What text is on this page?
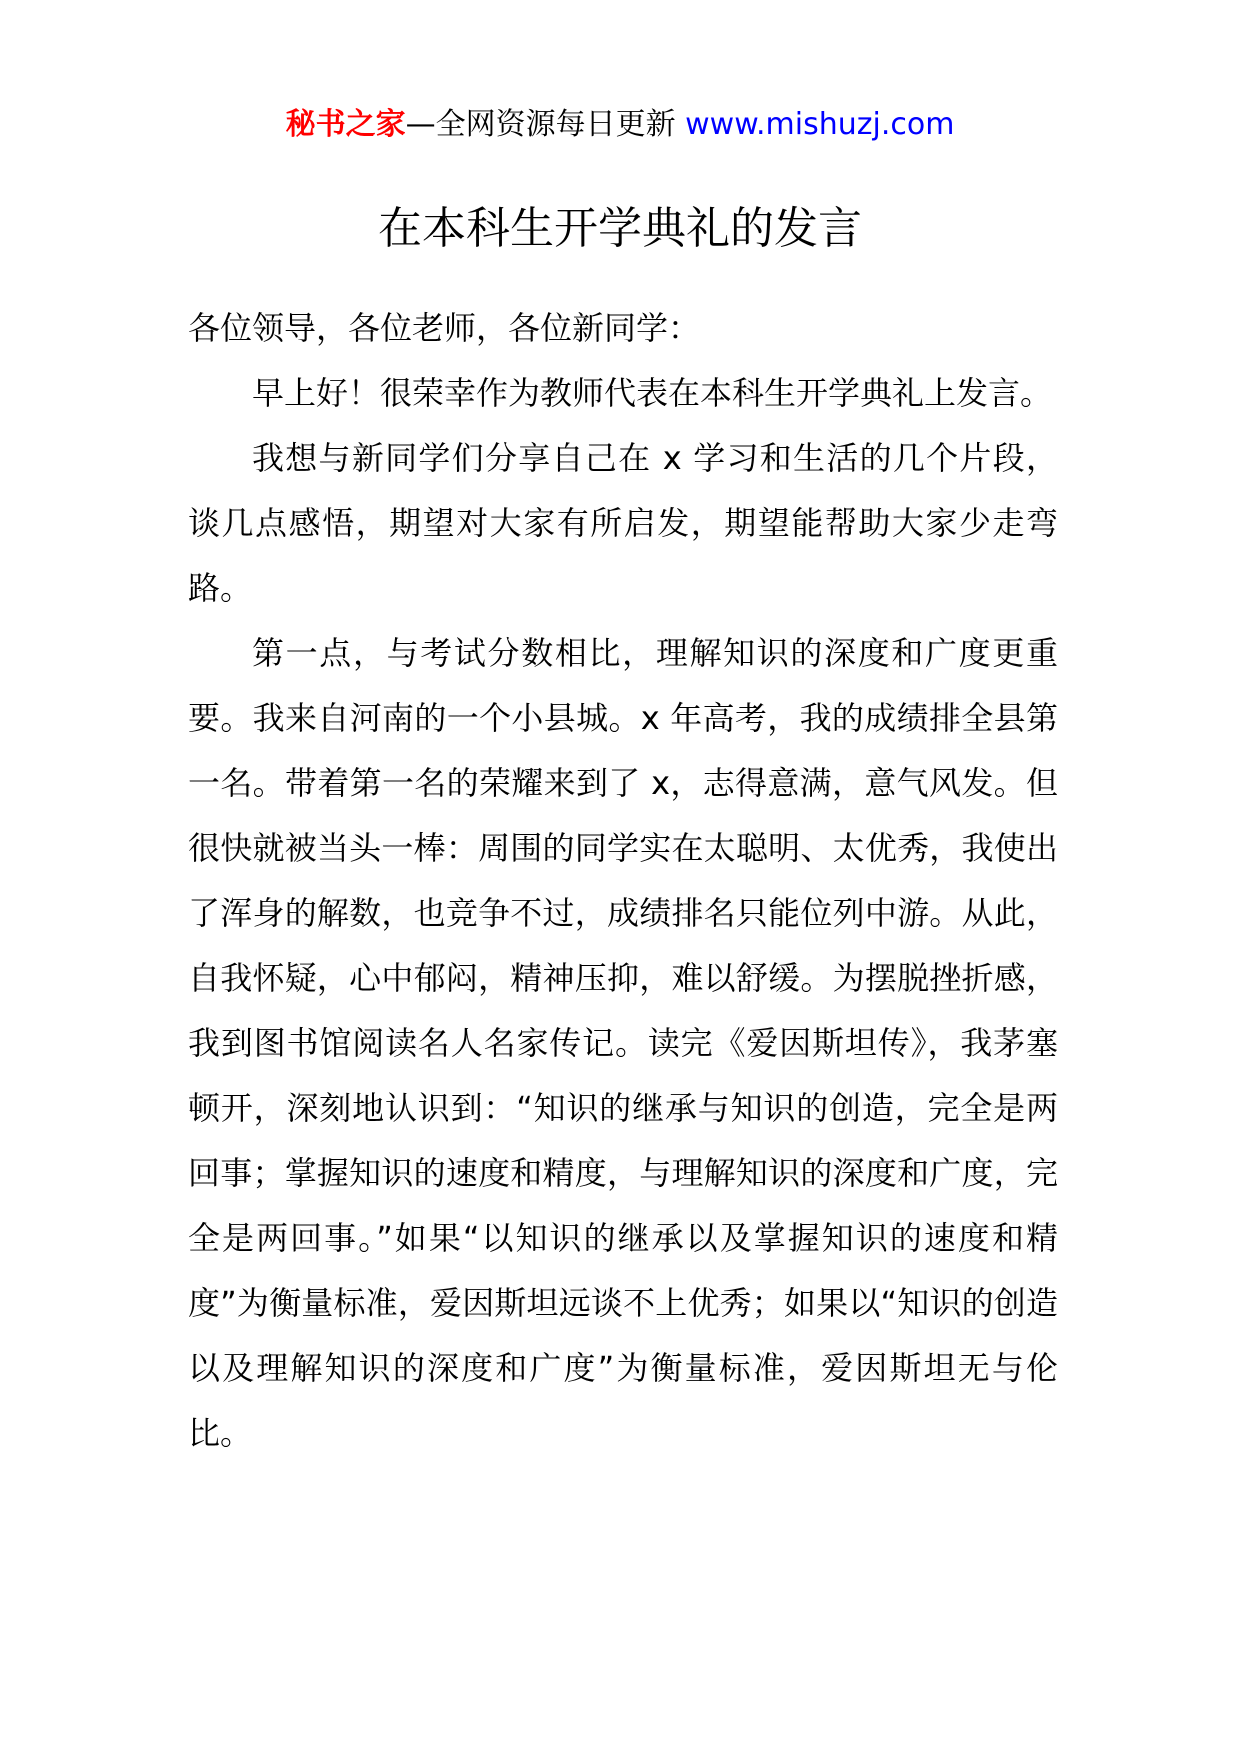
秘书之家—全网资源每日更新 www.mishuzj.com
在本科生开学典礼的发言

各位领导，各位老师，各位新同学：

早上好！很荣幸作为教师代表在本科生开学典礼上发言。

我想与新同学们分享自己在 x 学习和生活的几个片段，谈几点感悟，期望对大家有所启发，期望能帮助大家少走弯路。

第一点，与考试分数相比，理解知识的深度和广度更重要。我来自河南的一个小县城。x 年高考，我的成绩排全县第一名。带着第一名的荣耀来到了 x，志得意满，意气风发。但很快就被当头一棒：周围的同学实在太聪明、太优秀，我使出了浑身的解数，也竞争不过，成绩排名只能位列中游。从此，自我怀疑，心中郁闷，精神压抑，难以舒缓。为摆脱挫折感，我到图书馆阅读名人名家传记。读完《爱因斯坦传》，我茅塞顿开，深刻地认识到：“知识的继承与知识的创造，完全是两回事；掌握知识的速度和精度，与理解知识的深度和广度，完全是两回事。”如果“以知识的继承以及掌握知识的速度和精度”为衡量标准，爱因斯坦远谈不上优秀；如果以“知识的创造以及理解知识的深度和广度”为衡量标准，爱因斯坦无与伦比。
